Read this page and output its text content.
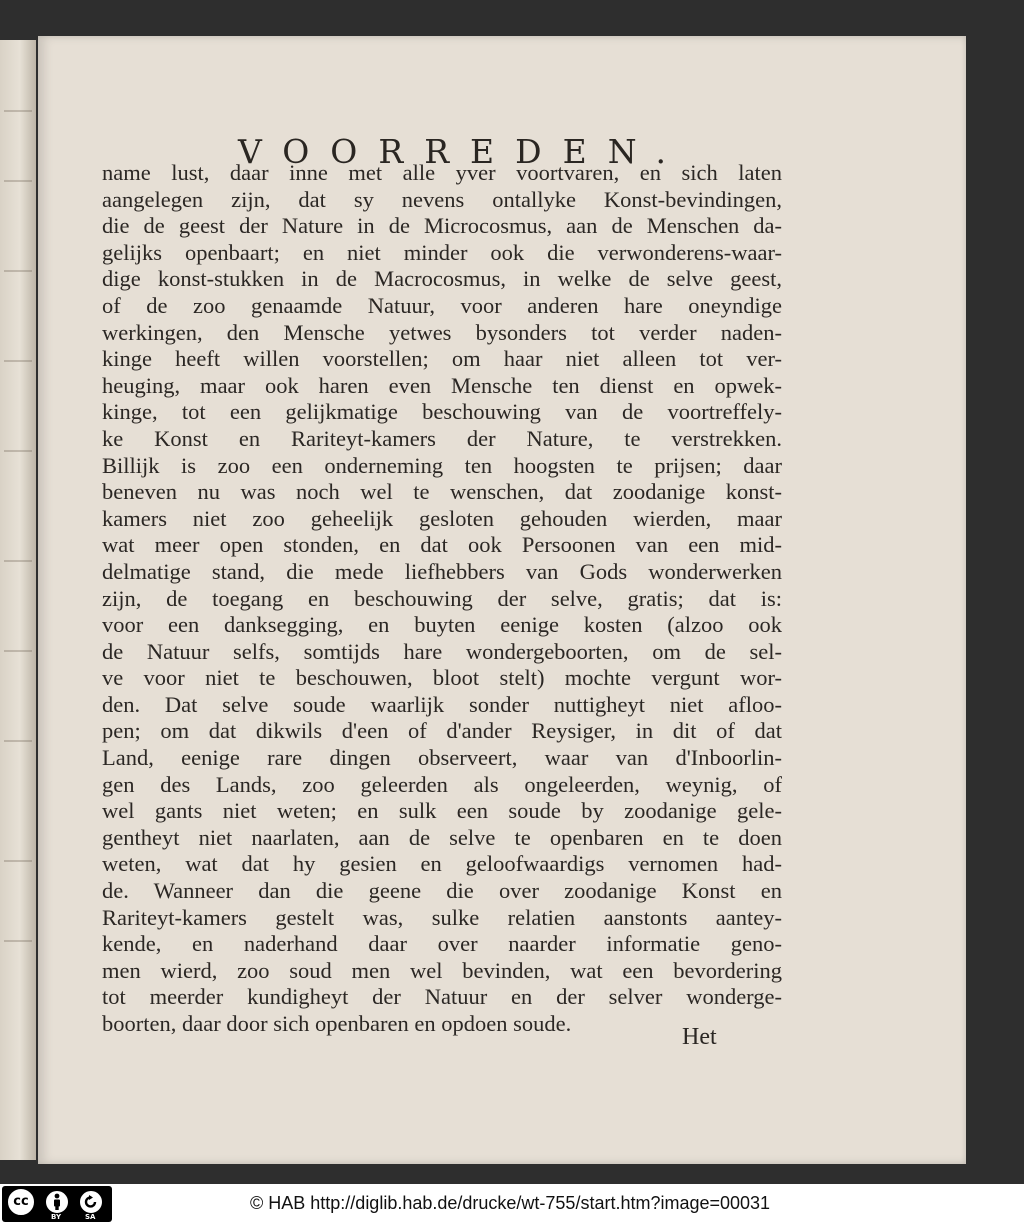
VOORREDEN.
name lust, daar inne met alle yver voortvaren, en sich laten
aangelegen zijn, dat sy nevens ontallyke Konst-bevindingen,
die de geest der Nature in de Microcosmus, aan de Menschen da-
gelijks openbaart; en niet minder ook die verwonderens-waar-
dige konst-stukken in de Macrocosmus, in welke de selve geest,
of de zoo genaamde Natuur, voor anderen hare oneyndige
werkingen, den Mensche yetwes bysonders tot verder naden-
kinge heeft willen voorstellen; om haar niet alleen tot ver-
heuging, maar ook haren even Mensche ten dienst en opwek-
kinge, tot een gelijkmatige beschouwing van de voortreffely-
ke Konst en Rariteyt-kamers der Nature, te verstrekken.
Billijk is zoo een onderneming ten hoogsten te prijsen; daar
beneven nu was noch wel te wenschen, dat zoodanige konst-
kamers niet zoo geheelijk gesloten gehouden wierden, maar
wat meer open stonden, en dat ook Persoonen van een mid-
delmatige stand, die mede liefhebbers van Gods wonderwerken
zijn, de toegang en beschouwing der selve, gratis; dat is:
voor een danksegging, en buyten eenige kosten (alzoo ook
de Natuur selfs, somtijds hare wondergeboorten, om de sel-
ve voor niet te beschouwen, bloot stelt) mochte vergunt wor-
den. Dat selve soude waarlijk sonder nuttigheyt niet afloo-
pen; om dat dikwils d'een of d'ander Reysiger, in dit of dat
Land, eenige rare dingen observeert, waar van d'Inboorlin-
gen des Lands, zoo geleerden als ongeleerden, weynig, of
wel gants niet weten; en sulk een soude by zoodanige gele-
gentheyt niet naarlaten, aan de selve te openbaren en te doen
weten, wat dat hy gesien en geloofwaardigs vernomen had-
de. Wanneer dan die geene die over zoodanige Konst en
Rariteyt-kamers gestelt was, sulke relatien aanstonts aantey-
kende, en naderhand daar over naarder informatie geno-
men wierd, zoo soud men wel bevinden, wat een bevordering
tot meerder kundigheyt der Natuur en der selver wonderge-
boorten, daar door sich openbaren en opdoen soude.
Het
cc
BY	SA
© HAB http://diglib.hab.de/drucke/wt-755/start.htm?image=00031
